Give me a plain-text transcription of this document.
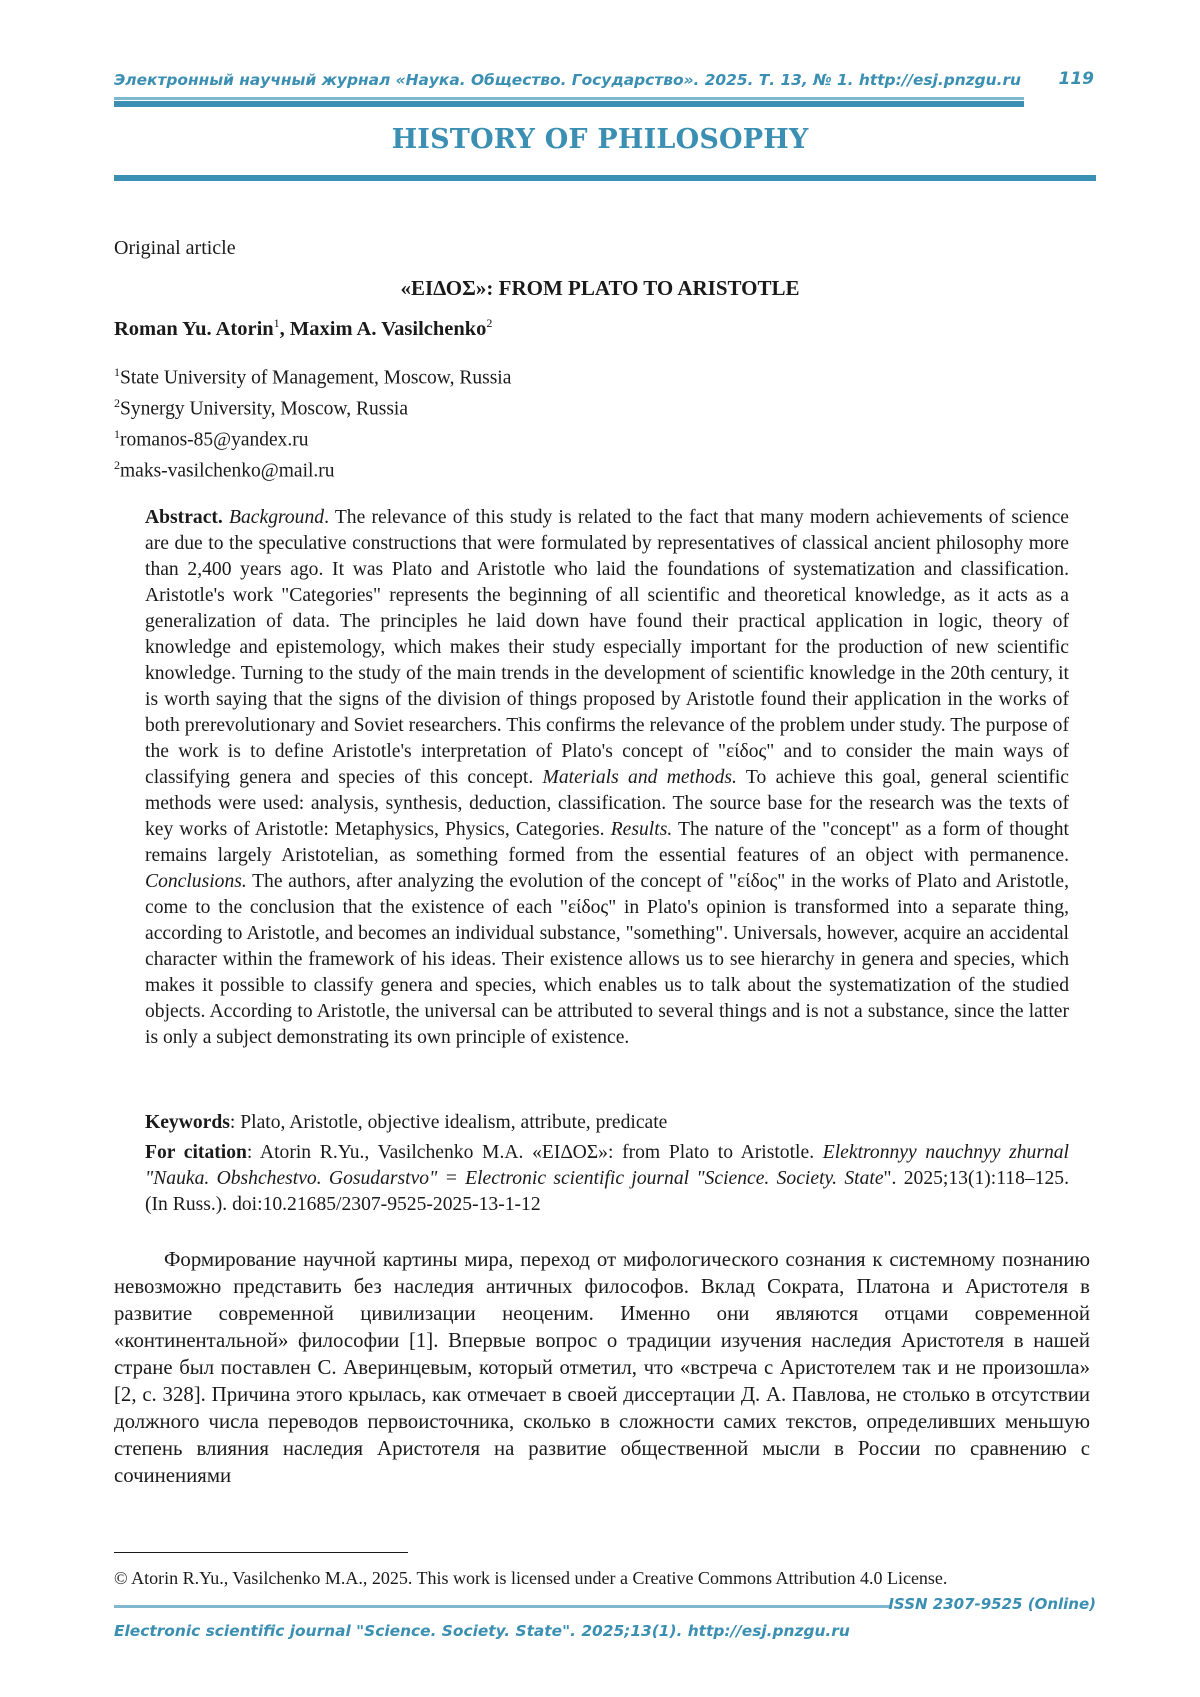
Электронный научный журнал «Наука. Общество. Государство». 2025. Т. 13, № 1. http://esj.pnzgu.ru 119
HISTORY OF PHILOSOPHY
Original article
«ΕΙΔΟΣ»: FROM PLATO TO ARISTOTLE
Roman Yu. Atorin$^1$, Maxim A. Vasilchenko$^2$
$^1$State University of Management, Moscow, Russia
$^2$Synergy University, Moscow, Russia
$^1$romanos-85@yandex.ru
$^2$maks-vasilchenko@mail.ru

Abstract. Background. The relevance of this study is related to the fact that many modern achievements of science are due to the speculative constructions that were formulated by representatives of classical ancient philosophy more than 2,400 years ago. It was Plato and Aristotle who laid the foundations of systematization and classification. Aristotle's work "Categories" represents the beginning of all scientific and theoretical knowledge, as it acts as a generalization of data. The principles he laid down have found their practical application in logic, theory of knowledge and epistemology, which makes their study especially important for the production of new scientific knowledge. Turning to the study of the main trends in the development of scientific knowledge in the 20th century, it is worth saying that the signs of the division of things proposed by Aristotle found their application in the works of both prerevolutionary and Soviet researchers. This confirms the relevance of the problem under study. The purpose of the work is to define Aristotle's interpretation of Plato's concept of "είδος" and to consider the main ways of classifying genera and species of this concept. Materials and methods. To achieve this goal, general scientific methods were used: analysis, synthesis, deduction, classification. The source base for the research was the texts of key works of Aristotle: Metaphysics, Physics, Categories. Results. The nature of the "concept" as a form of thought remains largely Aristotelian, as something formed from the essential features of an object with permanence. Conclusions. The authors, after analyzing the evolution of the concept of "είδος" in the works of Plato and Aristotle, come to the conclusion that the existence of each "είδος" in Plato's opinion is transformed into a separate thing, according to Aristotle, and becomes an individual substance, "something". Universals, however, acquire an accidental character within the framework of his ideas. Their existence allows us to see hierarchy in genera and species, which makes it possible to classify genera and species, which enables us to talk about the systematization of the studied objects. According to Aristotle, the universal can be attributed to several things and is not a substance, since the latter is only a subject demonstrating its own principle of existence.

Keywords: Plato, Aristotle, objective idealism, attribute, predicate
For citation: Atorin R.Yu., Vasilchenko M.A. «ΕΙΔΟΣ»: from Plato to Aristotle. Elektronnyy nauchnyy zhurnal "Nauka. Obshchestvo. Gosudarstvo" = Electronic scientific journal "Science. Society. State". 2025;13(1):118–125. (In Russ.). doi:10.21685/2307-9525-2025-13-1-12

Формирование научной картины мира, переход от мифологического сознания к системному познанию невозможно представить без наследия античных философов. Вклад Сократа, Платона и Аристотеля в развитие современной цивилизации неоценим. Именно они являются отцами современной «континентальной» философии [1]. Впервые вопрос о традиции изучения наследия Аристотеля в нашей стране был поставлен С. Аверинцевым, который отметил, что «встреча с Аристотелем так и не произошла» [2, с. 328]. Причина этого крылась, как отмечает в своей диссертации Д. А. Павлова, не столько в отсутствии должного числа переводов первоисточника, сколько в сложности самих текстов, определивших меньшую степень влияния наследия Аристотеля на развитие общественной мысли в России по сравнению с сочинениями

© Atorin R.Yu., Vasilchenko M.A., 2025. This work is licensed under a Creative Commons Attribution 4.0 License.
ISSN 2307-9525 (Online)
Electronic scientific journal "Science. Society. State". 2025;13(1). http://esj.pnzgu.ru
